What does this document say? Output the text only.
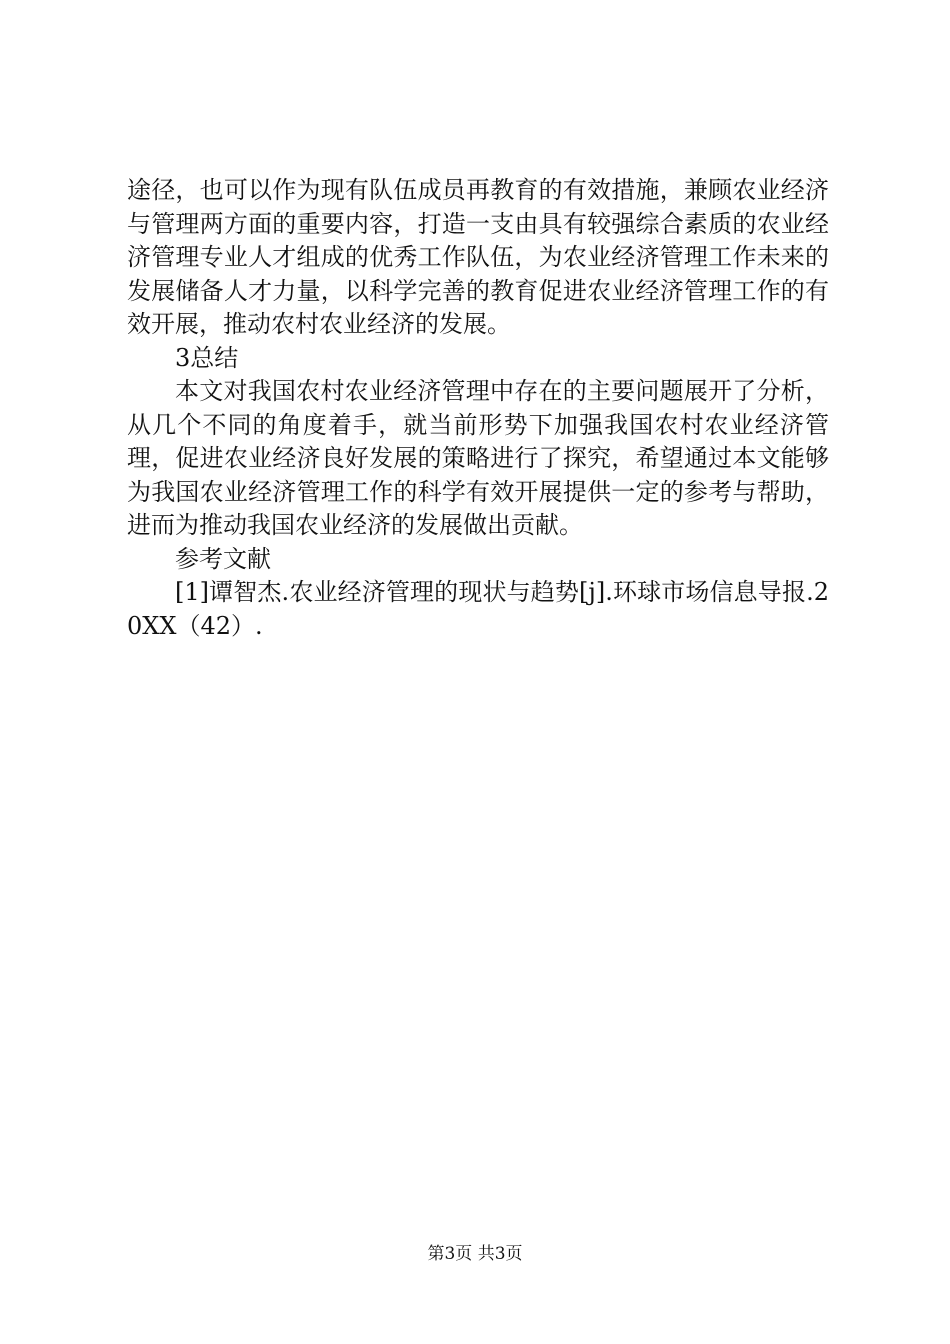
途径，也可以作为现有队伍成员再教育的有效措施，兼顾农业经济与管理两方面的重要内容，打造一支由具有较强综合素质的农业经济管理专业人才组成的优秀工作队伍，为农业经济管理工作未来的发展储备人才力量，以科学完善的教育促进农业经济管理工作的有效开展，推动农村农业经济的发展。

3总结

本文对我国农村农业经济管理中存在的主要问题展开了分析，从几个不同的角度着手，就当前形势下加强我国农村农业经济管理，促进农业经济良好发展的策略进行了探究，希望通过本文能够为我国农业经济管理工作的科学有效开展提供一定的参考与帮助，进而为推动我国农业经济的发展做出贡献。

参考文献

[1]谭智杰.农业经济管理的现状与趋势[j].环球市场信息导报.20XX（42）.

第3页 共3页
